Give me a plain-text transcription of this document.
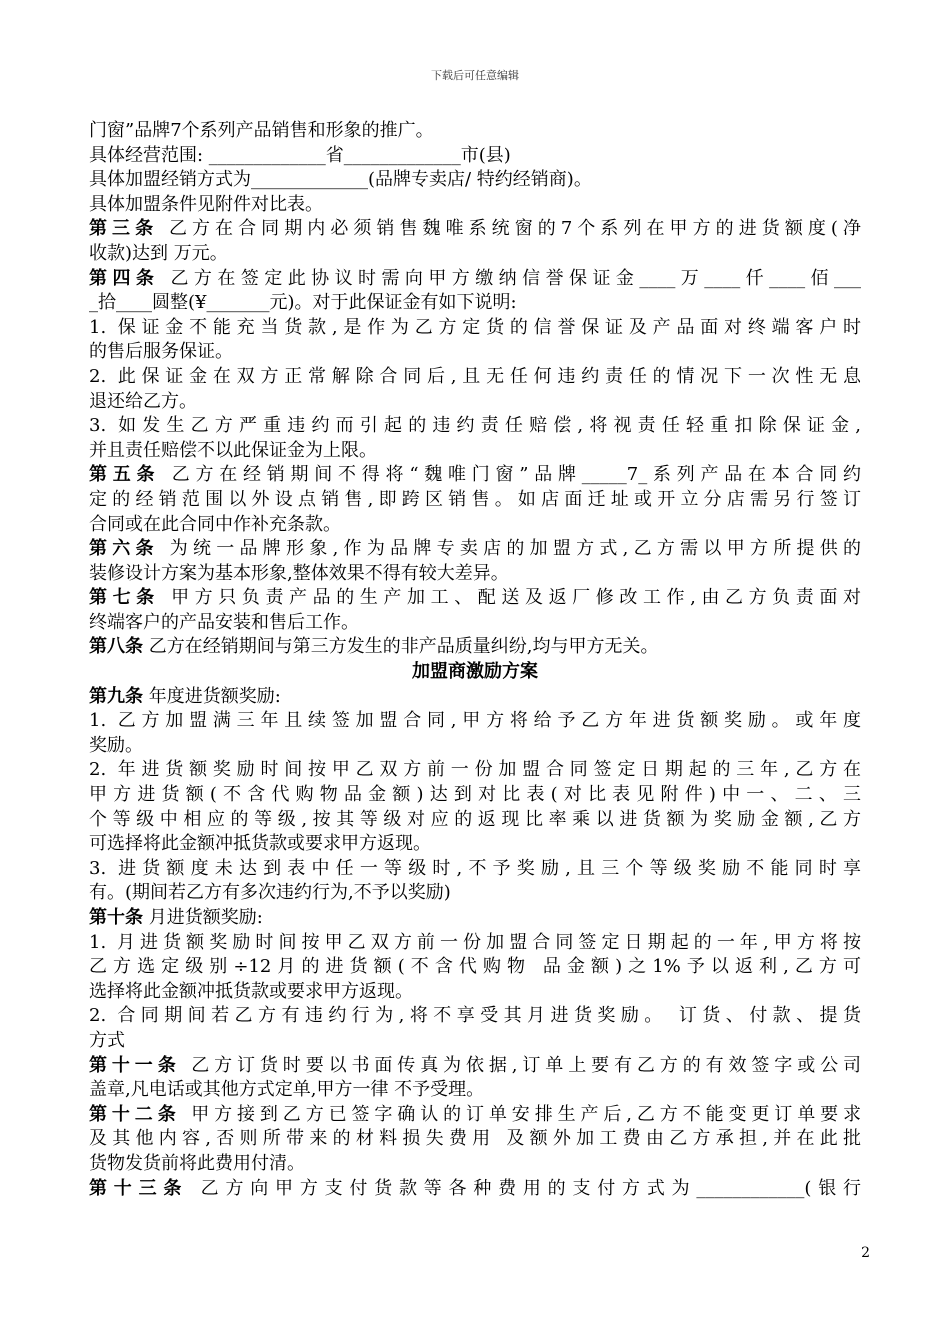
下载后可任意编辑
门窗”品牌7个系列产品销售和形象的推广。
具体经营范围: _____________省_____________市(县)
具体加盟经销方式为_____________(品牌专卖店/ 特约经销商)。
具体加盟条件见附件对比表。
第三条 乙方在合同期内必须销售魏唯系统窗的7个系列在甲方的进货额度(净
收款)达到 万元。
第四条 乙方在签定此协议时需向甲方缴纳信誉保证金____万____仟____佰___
_拾____圆整(¥_______元)。对于此保证金有如下说明:
1. 保证金不能充当货款,是作为乙方定货的信誉保证及产品面对终端客户时
的售后服务保证。
2. 此保证金在双方正常解除合同后,且无任何违约责任的情况下一次性无息
退还给乙方。
3. 如发生乙方严重违约而引起的违约责任赔偿,将视责任轻重扣除保证金,
并且责任赔偿不以此保证金为上限。
第五条 乙方在经销期间不得将“魏唯门窗”品牌_____7_系列产品在本合同约
定的经销范围以外设点销售,即跨区销售。如店面迁址或开立分店需另行签订
合同或在此合同中作补充条款。
第六条 为统一品牌形象,作为品牌专卖店的加盟方式,乙方需以甲方所提供的
装修设计方案为基本形象,整体效果不得有较大差异。
第七条 甲方只负责产品的生产加工、配送及返厂修改工作,由乙方负责面对
终端客户的产品安装和售后工作。
第八条 乙方在经销期间与第三方发生的非产品质量纠纷,均与甲方无关。
加盟商激励方案
第九条 年度进货额奖励:
1. 乙方加盟满三年且续签加盟合同,甲方将给予乙方年进货额奖励。或年度
奖励。
2. 年进货额奖励时间按甲乙双方前一份加盟合同签定日期起的三年,乙方在
甲方进货额(不含代购物品金额)达到对比表(对比表见附件)中一、二、三
个等级中相应的等级,按其等级对应的返现比率乘以进货额为奖励金额,乙方
可选择将此金额冲抵货款或要求甲方返现。
3. 进货额度未达到表中任一等级时,不予奖励,且三个等级奖励不能同时享
有。(期间若乙方有多次违约行为,不予以奖励)
第十条 月进货额奖励:
1. 月进货额奖励时间按甲乙双方前一份加盟合同签定日期起的一年,甲方将按
乙方选定级别÷12月的进货额(不含代购物 品金额)之1%予以返利,乙方可
选择将此金额冲抵货款或要求甲方返现。
2. 合同期间若乙方有违约行为,将不享受其月进货奖励。 订货、付款、提货
方式
第十一条 乙方订货时要以书面传真为依据,订单上要有乙方的有效签字或公司
盖章,凡电话或其他方式定单,甲方一律 不予受理。
第十二条 甲方接到乙方已签字确认的订单安排生产后,乙方不能变更订单要求
及其他内容,否则所带来的材料损失费用 及额外加工费由乙方承担,并在此批
货物发货前将此费用付清。
第十三条 乙方向甲方支付货款等各种费用的支付方式为____________(银行
2
